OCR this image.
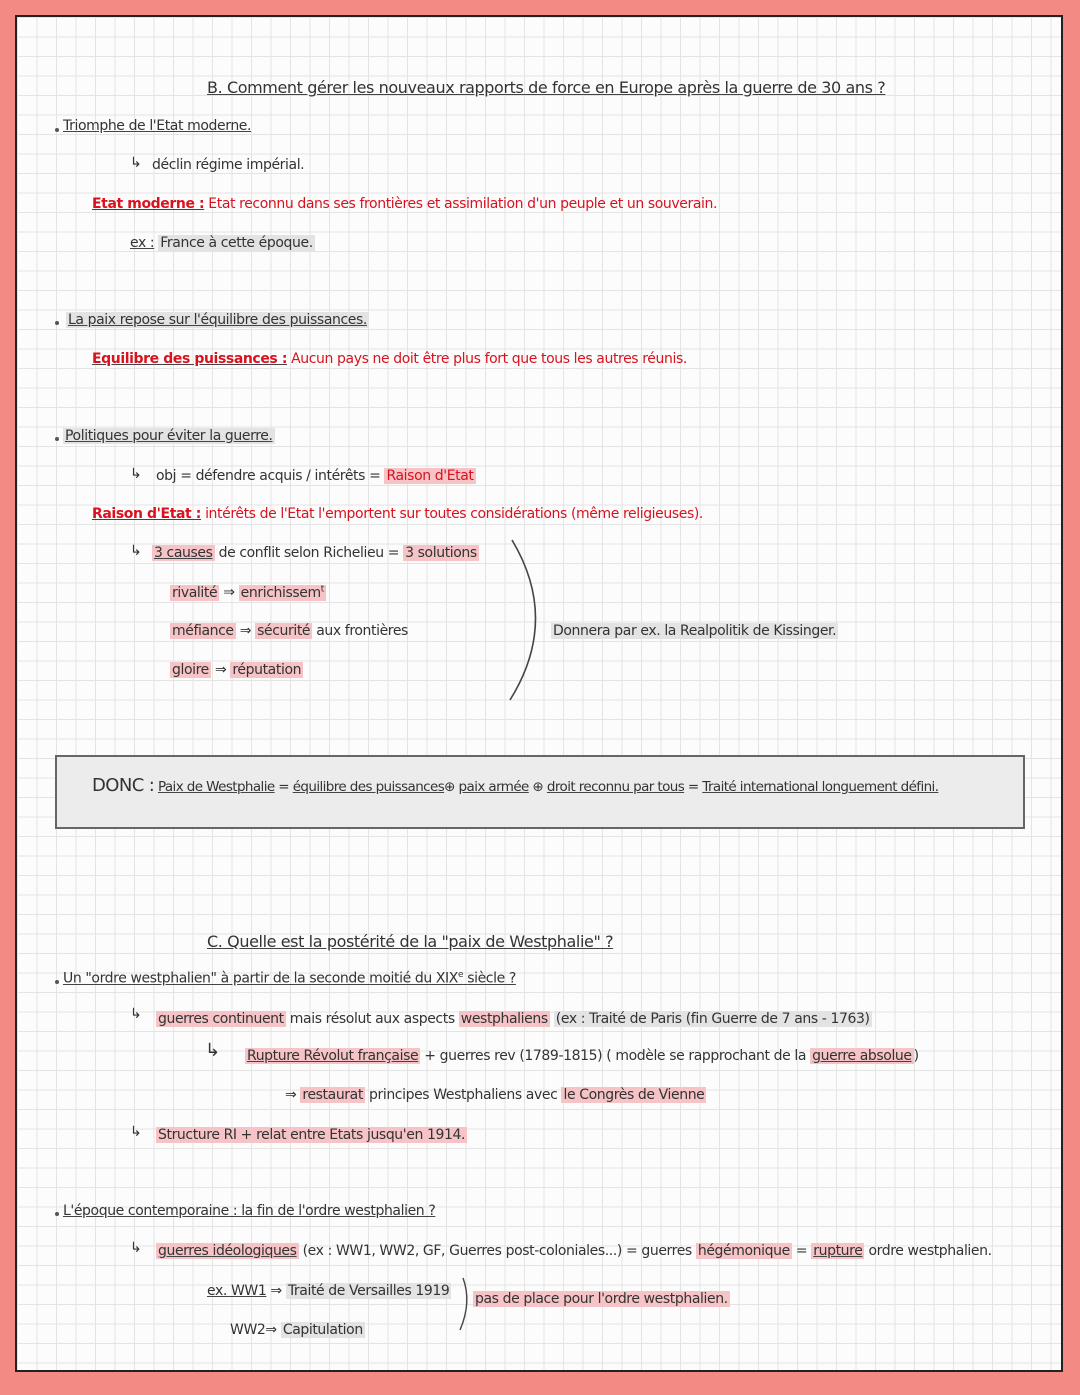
B. Comment gérer les nouveaux rapports de force en Europe après la guerre de 30 ans ?
Triomphe de l'Etat moderne.
↳ déclin régime impérial.
Etat moderne : Etat reconnu dans ses frontières et assimilation d'un peuple et un souverain.
ex : France à cette époque.
La paix repose sur l'équilibre des puissances.
Equilibre des puissances : Aucun pays ne doit être plus fort que tous les autres réunis.
Politiques pour éviter la guerre.
↳ obj = défendre acquis / intérêts = Raison d'Etat
Raison d'Etat : intérêts de l'Etat l'emportent sur toutes considérations (même religieuses).
↳ 3 causes de conflit selon Richelieu = 3 solutions
rivalité ⇒ enrichissem$^t$
méfiance ⇒ sécurité aux frontières
gloire ⇒ réputation
Donnera par ex. la Realpolitik de Kissinger.
DONC : Paix de Westphalie = équilibre des puissances⊕ paix armée ⊕ droit reconnu par tous = Traité international longuement défini.
C. Quelle est la postérité de la "paix de Westphalie" ?
Un "ordre westphalien" à partir de la seconde moitié du XIXe siècle ?
↳ guerres continuent mais résolut aux aspects westphaliens (ex : Traité de Paris (fin Guerre de 7 ans - 1763)
↳ Rupture Révolut française + guerres rev (1789-1815) ( modèle se rapprochant de la guerre absolue )
⇒ restaurat principes Westphaliens avec le Congrès de Vienne
↳ Structure RI + relat entre Etats jusqu'en 1914.
L'époque contemporaine : la fin de l'ordre westphalien ?
↳ guerres idéologiques (ex : WW1, WW2, GF, Guerres post-coloniales...) = guerres hégémonique = rupture ordre westphalien.
ex. WW1 ⇒ Traité de Versailles 1919
WW2⇒ Capitulation
pas de place pour l'ordre westphalien.
